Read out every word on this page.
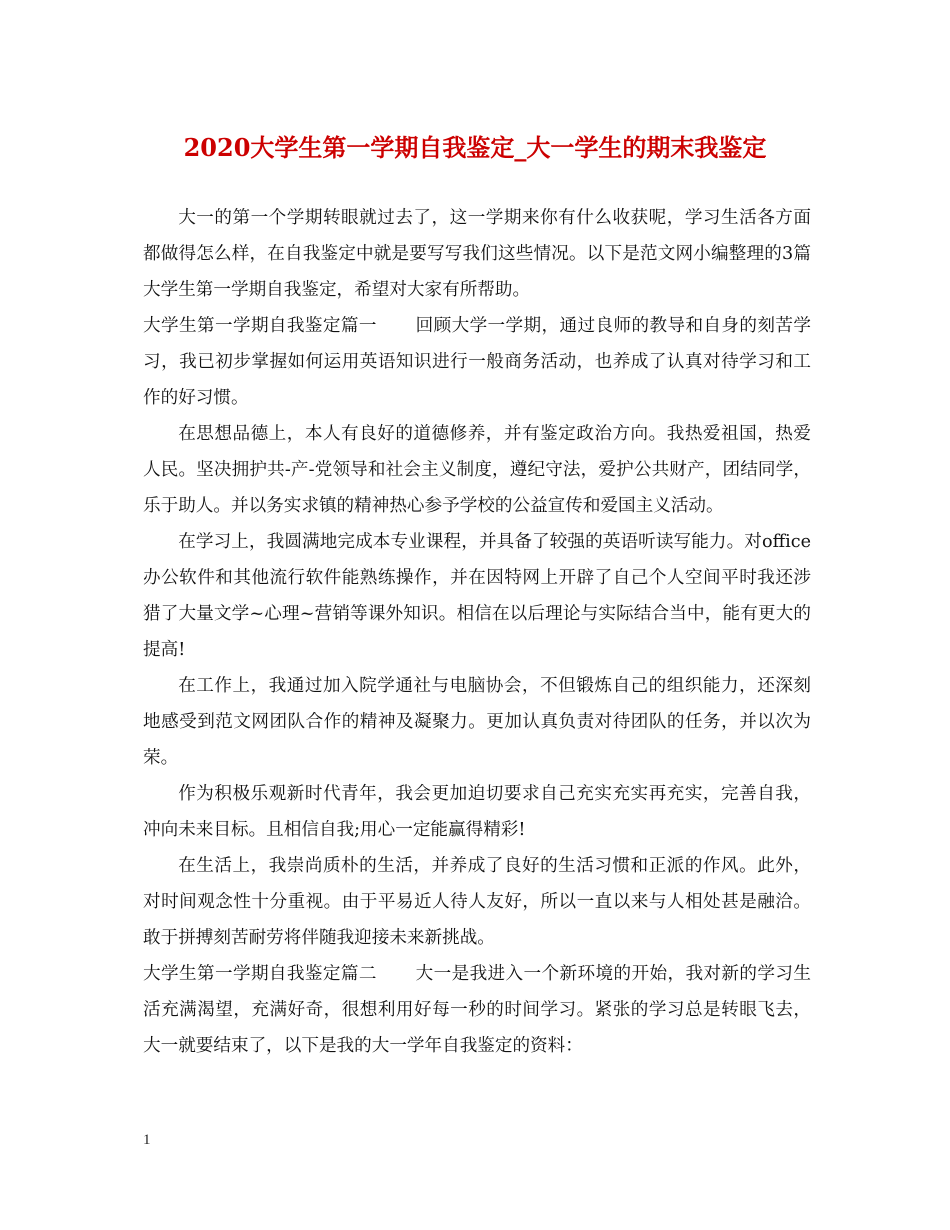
2020大学生第一学期自我鉴定_大一学生的期末我鉴定

大一的第一个学期转眼就过去了，这一学期来你有什么收获呢，学习生活各方面都做得怎么样，在自我鉴定中就是要写写我们这些情况。以下是范文网小编整理的3篇大学生第一学期自我鉴定，希望对大家有所帮助。

大学生第一学期自我鉴定篇一 回顾大学一学期，通过良师的教导和自身的刻苦学习，我已初步掌握如何运用英语知识进行一般商务活动，也养成了认真对待学习和工作的好习惯。

在思想品德上，本人有良好的道德修养，并有鉴定政治方向。我热爱祖国，热爱人民。坚决拥护共-产-党领导和社会主义制度，遵纪守法，爱护公共财产，团结同学，乐于助人。并以务实求镇的精神热心参予学校的公益宣传和爱国主义活动。

在学习上，我圆满地完成本专业课程，并具备了较强的英语听读写能力。对office办公软件和其他流行软件能熟练操作，并在因特网上开辟了自己个人空间平时我还涉猎了大量文学~心理~营销等课外知识。相信在以后理论与实际结合当中，能有更大的提高!

在工作上，我通过加入院学通社与电脑协会，不但锻炼自己的组织能力，还深刻地感受到范文网团队合作的精神及凝聚力。更加认真负责对待团队的任务，并以次为荣。

作为积极乐观新时代青年，我会更加迫切要求自己充实充实再充实，完善自我，冲向未来目标。且相信自我;用心一定能赢得精彩!

在生活上，我崇尚质朴的生活，并养成了良好的生活习惯和正派的作风。此外，对时间观念性十分重视。由于平易近人待人友好，所以一直以来与人相处甚是融洽。敢于拼搏刻苦耐劳将伴随我迎接未来新挑战。

大学生第一学期自我鉴定篇二 大一是我进入一个新环境的开始，我对新的学习生活充满渴望，充满好奇，很想利用好每一秒的时间学习。紧张的学习总是转眼飞去，大一就要结束了，以下是我的大一学年自我鉴定的资料：

1
